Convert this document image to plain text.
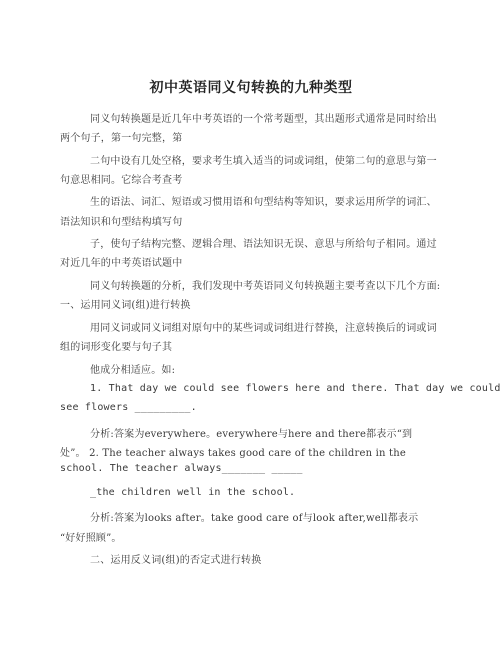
初中英语同义句转换的九种类型
同义句转换题是近几年中考英语的一个常考题型，其出题形式通常是同时给出
两个句子，第一句完整，第
二句中设有几处空格，要求考生填入适当的词或词组，使第二句的意思与第一
句意思相同。它综合考查考
生的语法、词汇、短语或习惯用语和句型结构等知识，要求运用所学的词汇、
语法知识和句型结构填写句
子，使句子结构完整、逻辑合理、语法知识无误、意思与所给句子相同。通过
对近几年的中考英语试题中
同义句转换题的分析，我们发现中考英语同义句转换题主要考查以下几个方面:
一、运用同义词(组)进行转换
用同义词或同义词组对原句中的某些词或词组进行替换，注意转换后的词或词
组的词形变化要与句子其
他成分相适应。如:
1. That day we could see flowers here and there. That day we could
see flowers _________.
分析:答案为everywhere。everywhere与here and there都表示“到
处”。 2. The teacher always takes good care of the children in the
school. The teacher always_______ _____
_the children well in the school.
分析:答案为looks after。take good care of与look after,well都表示
“好好照顾”。
二、运用反义词(组)的否定式进行转换
